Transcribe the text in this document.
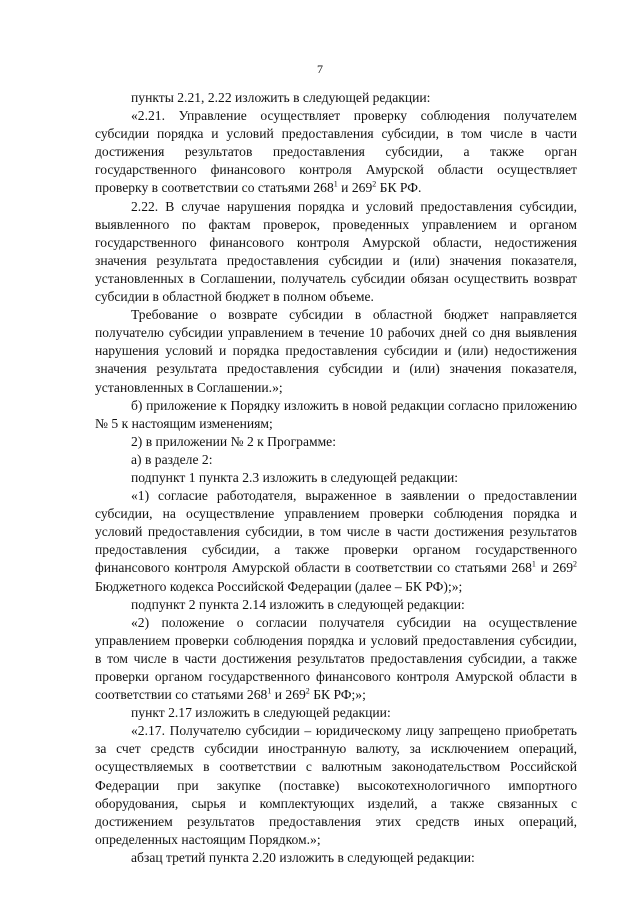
7

пункты 2.21, 2.22 изложить в следующей редакции:

«2.21. Управление осуществляет проверку соблюдения получателем субсидии порядка и условий предоставления субсидии, в том числе в части достижения результатов предоставления субсидии, а также орган государственного финансового контроля Амурской области осуществляет проверку в соответствии со статьями $268^1$ и $269^2$ БК РФ.

2.22. В случае нарушения порядка и условий предоставления субсидии, выявленного по фактам проверок, проведенных управлением и органом государственного финансового контроля Амурской области, недостижения значения результата предоставления субсидии и (или) значения показателя, установленных в Соглашении, получатель субсидии обязан осуществить возврат субсидии в областной бюджет в полном объеме.

Требование о возврате субсидии в областной бюджет направляется получателю субсидии управлением в течение 10 рабочих дней со дня выявления нарушения условий и порядка предоставления субсидии и (или) недостижения значения результата предоставления субсидии и (или) значения показателя, установленных в Соглашении.»;

б) приложение к Порядку изложить в новой редакции согласно приложению № 5 к настоящим изменениям;

2) в приложении № 2 к Программе:

а) в разделе 2:

подпункт 1 пункта 2.3 изложить в следующей редакции:

«1) согласие работодателя, выраженное в заявлении о предоставлении субсидии, на осуществление управлением проверки соблюдения порядка и условий предоставления субсидии, в том числе в части достижения результатов предоставления субсидии, а также проверки органом государственного финансового контроля Амурской области в соответствии со статьями $268^1$ и $269^2$ Бюджетного кодекса Российской Федерации (далее – БК РФ);»;

подпункт 2 пункта 2.14 изложить в следующей редакции:

«2) положение о согласии получателя субсидии на осуществление управлением проверки соблюдения порядка и условий предоставления субсидии, в том числе в части достижения результатов предоставления субсидии, а также проверки органом государственного финансового контроля Амурской области в соответствии со статьями $268^1$ и $269^2$ БК РФ;»;

пункт 2.17 изложить в следующей редакции:

«2.17. Получателю субсидии – юридическому лицу запрещено приобретать за счет средств субсидии иностранную валюту, за исключением операций, осуществляемых в соответствии с валютным законодательством Российской Федерации при закупке (поставке) высокотехнологичного импортного оборудования, сырья и комплектующих изделий, а также связанных с достижением результатов предоставления этих средств иных операций, определенных настоящим Порядком.»;

абзац третий пункта 2.20 изложить в следующей редакции:
